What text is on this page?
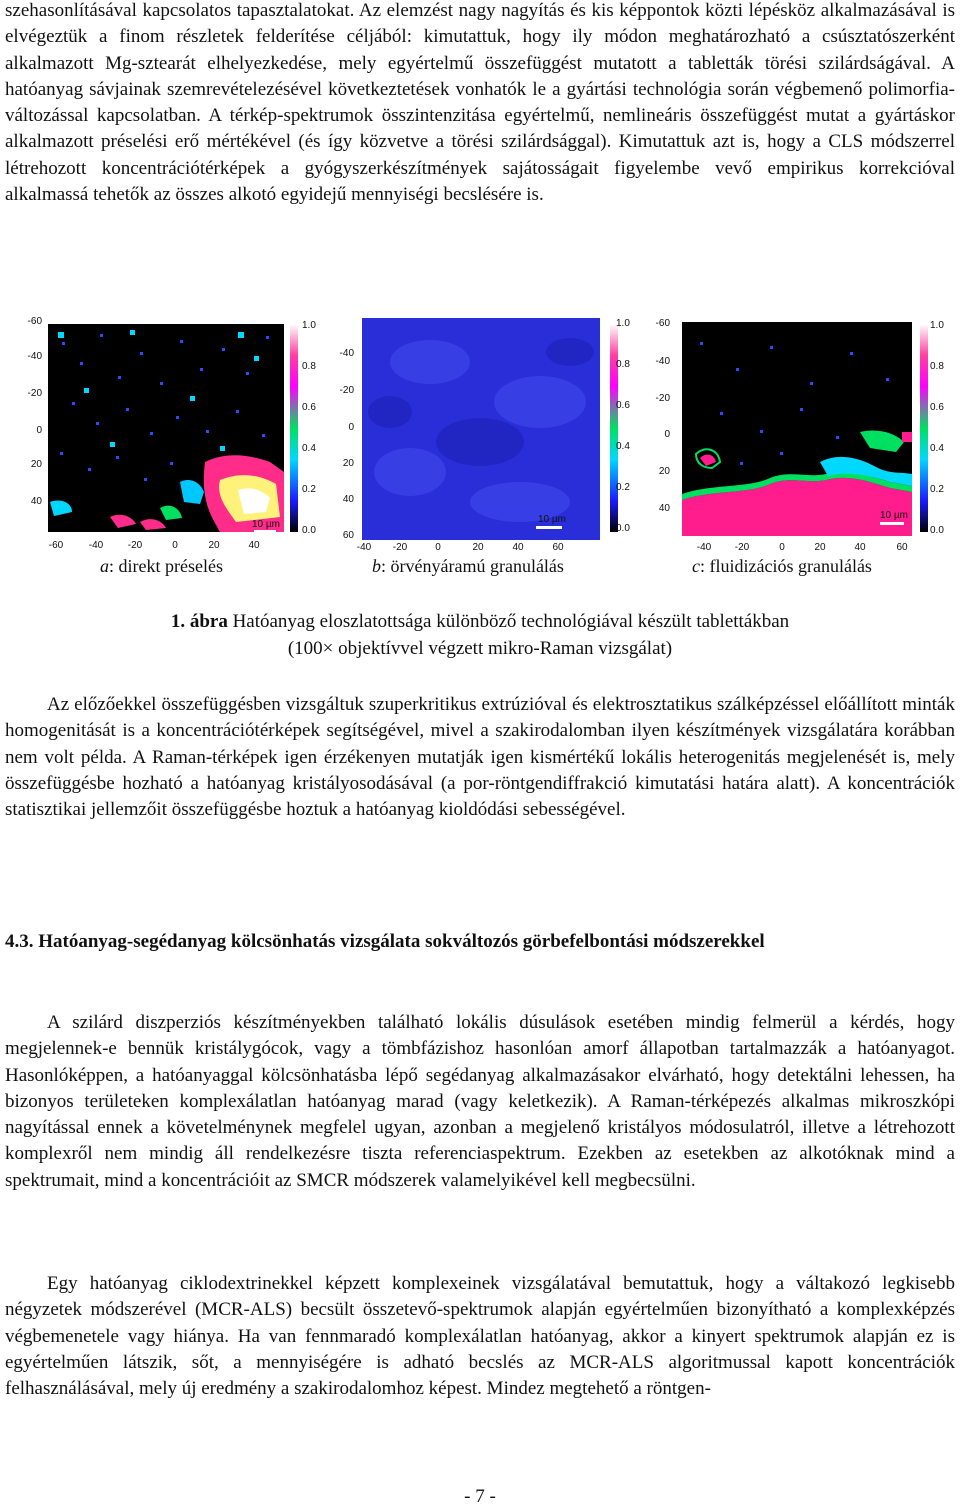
szehasonlításával kapcsolatos tapasztalatokat. Az elemzést nagy nagyítás és kis képpontok közti lépésköz alkalmazásával is elvégeztük a finom részletek felderítése céljából: kimutattuk, hogy ily módon meghatározható a csúsztatószerként alkalmazott Mg-sztearát elhelyezkedése, mely egyértelmű összefüggést mutatott a tabletták törési szilárdságával. A hatóanyag sávjainak szemrevételezésével következtetések vonhatók le a gyártási technológia során végbemenő polimorfia-változással kapcsolatban. A térkép-spektrumok összintenzitása egyértelmű, nemlineáris összefüggést mutat a gyártáskor alkalmazott préselési erő mértékével (és így közvetve a törési szilárdsággal). Kimutattuk azt is, hogy a CLS módszerrel létrehozott koncentrációtérképek a gyógyszerkészítmények sajátosságait figyelembe vevő empirikus korrekcióval alkalmassá tehetők az összes alkotó egyidejű mennyiségi becslésére is.

10 µm
1.0
0.8
0.6
0.4
0.2
0.0
-60
-40
-20
0
20
40
-60	-40 -20	0	20	40
a: direkt préselés
10 µm
1.0
0.8
0.6
0.4
0.2
0.0
-40
-20
0
20
40
60
-40 -20	0	20	40	60
b: örvényáramú granulálás
10 µm
1.0
0.8
0.6
0.4
0.2
0.0
-60
-40
-20
0
20
40
-40 -20	0	20	40	60
c: fluidizációs granulálás
1. ábra Hatóanyag eloszlatottsága különböző technológiával készült tablettákban
(100× objektívvel végzett mikro-Raman vizsgálat)

Az előzőekkel összefüggésben vizsgáltuk szuperkritikus extrúzióval és elektrosztatikus szálképzéssel előállított minták homogenitását is a koncentrációtérképek segítségével, mivel a szakirodalomban ilyen készítmények vizsgálatára korábban nem volt példa. A Raman-térképek igen érzékenyen mutatják igen kismértékű lokális heterogenitás megjelenését is, mely összefüggésbe hozható a hatóanyag kristályosodásával (a por-röntgendiffrakció kimutatási határa alatt). A koncentrációk statisztikai jellemzőit összefüggésbe hoztuk a hatóanyag kioldódási sebességével.

4.3. Hatóanyag-segédanyag kölcsönhatás vizsgálata sokváltozós görbefelbontási módszerekkel

A szilárd diszperziós készítményekben található lokális dúsulások esetében mindig felmerül a kérdés, hogy megjelennek-e bennük kristálygócok, vagy a tömbfázishoz hasonlóan amorf állapotban tartalmazzák a hatóanyagot. Hasonlóképpen, a hatóanyaggal kölcsönhatásba lépő segédanyag alkalmazásakor elvárható, hogy detektálni lehessen, ha bizonyos területeken komplexálatlan hatóanyag marad (vagy keletkezik). A Raman-térképezés alkalmas mikroszkópi nagyítással ennek a követelménynek megfelel ugyan, azonban a megjelenő kristályos módosulatról, illetve a létrehozott komplexről nem mindig áll rendelkezésre tiszta referenciaspektrum. Ezekben az esetekben az alkotóknak mind a spektrumait, mind a koncentrációit az SMCR módszerek valamelyikével kell megbecsülni.

Egy hatóanyag ciklodextrinekkel képzett komplexeinek vizsgálatával bemutattuk, hogy a váltakozó legkisebb négyzetek módszerével (MCR-ALS) becsült összetevő-spektrumok alapján egyértelműen bizonyítható a komplexképzés végbemenetele vagy hiánya. Ha van fennmaradó komplexálatlan hatóanyag, akkor a kinyert spektrumok alapján ez is egyértelműen látszik, sőt, a mennyiségére is adható becslés az MCR-ALS algoritmussal kapott koncentrációk felhasználásával, mely új eredmény a szakirodalomhoz képest. Mindez megtehető a röntgen-

- 7 -
